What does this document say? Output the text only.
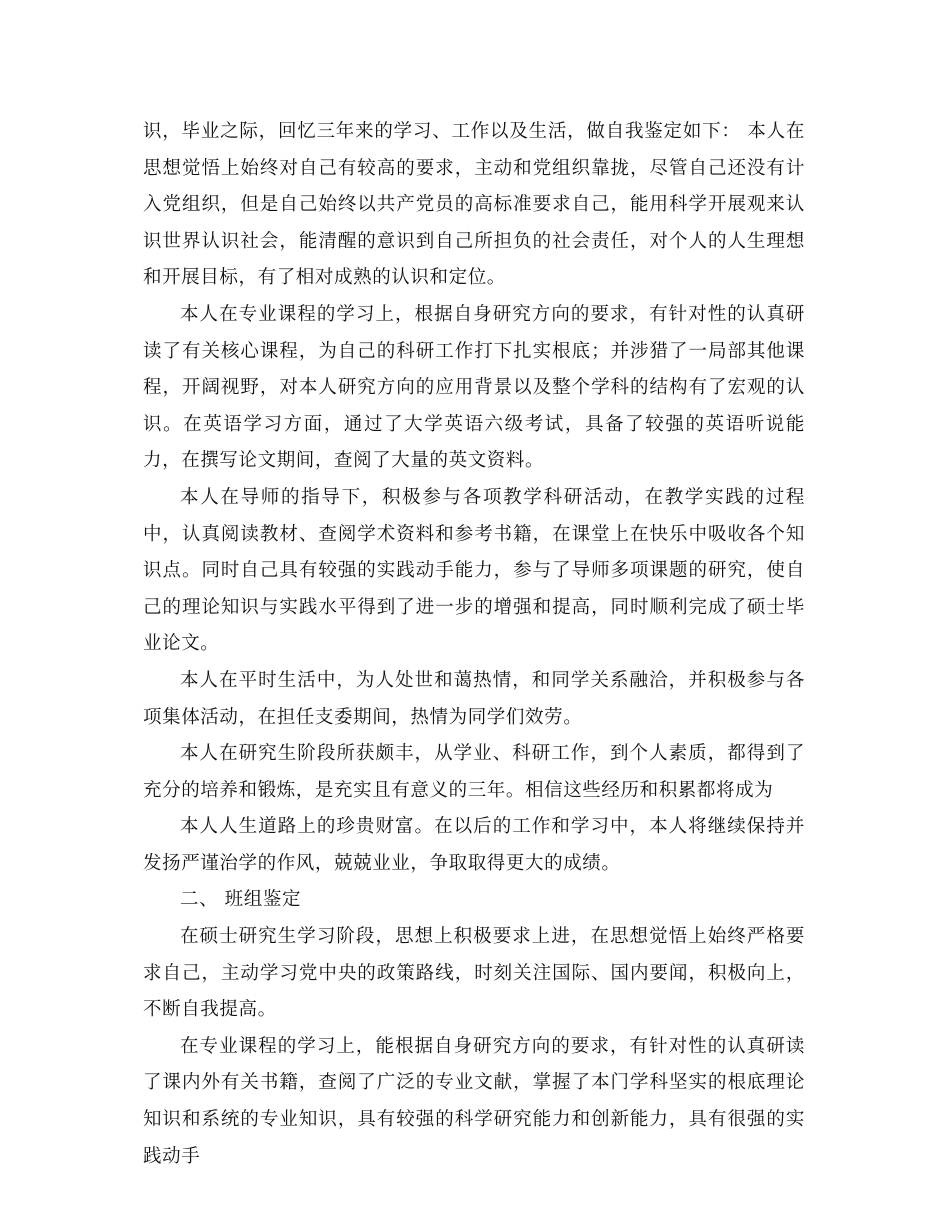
识，毕业之际，回忆三年来的学习、工作以及生活，做自我鉴定如下： 本人在思想觉悟上始终对自己有较高的要求，主动和党组织靠拢，尽管自己还没有计入党组织，但是自己始终以共产党员的高标准要求自己，能用科学开展观来认识世界认识社会，能清醒的意识到自己所担负的社会责任，对个人的人生理想和开展目标，有了相对成熟的认识和定位。

本人在专业课程的学习上，根据自身研究方向的要求，有针对性的认真研读了有关核心课程，为自己的科研工作打下扎实根底；并涉猎了一局部其他课程，开阔视野，对本人研究方向的应用背景以及整个学科的结构有了宏观的认识。在英语学习方面，通过了大学英语六级考试，具备了较强的英语听说能力，在撰写论文期间，查阅了大量的英文资料。

本人在导师的指导下，积极参与各项教学科研活动，在教学实践的过程中，认真阅读教材、查阅学术资料和参考书籍，在课堂上在快乐中吸收各个知识点。同时自己具有较强的实践动手能力，参与了导师多项课题的研究，使自己的理论知识与实践水平得到了进一步的增强和提高，同时顺利完成了硕士毕业论文。

本人在平时生活中，为人处世和蔼热情，和同学关系融洽，并积极参与各项集体活动，在担任支委期间，热情为同学们效劳。

本人在研究生阶段所获颇丰，从学业、科研工作，到个人素质，都得到了充分的培养和锻炼，是充实且有意义的三年。相信这些经历和积累都将成为

本人人生道路上的珍贵财富。在以后的工作和学习中，本人将继续保持并发扬严谨治学的作风，兢兢业业，争取取得更大的成绩。

二、 班组鉴定

在硕士研究生学习阶段，思想上积极要求上进，在思想觉悟上始终严格要求自己，主动学习党中央的政策路线，时刻关注国际、国内要闻，积极向上，不断自我提高。

在专业课程的学习上，能根据自身研究方向的要求，有针对性的认真研读了课内外有关书籍，查阅了广泛的专业文献，掌握了本门学科坚实的根底理论知识和系统的专业知识，具有较强的科学研究能力和创新能力，具有很强的实践动手
